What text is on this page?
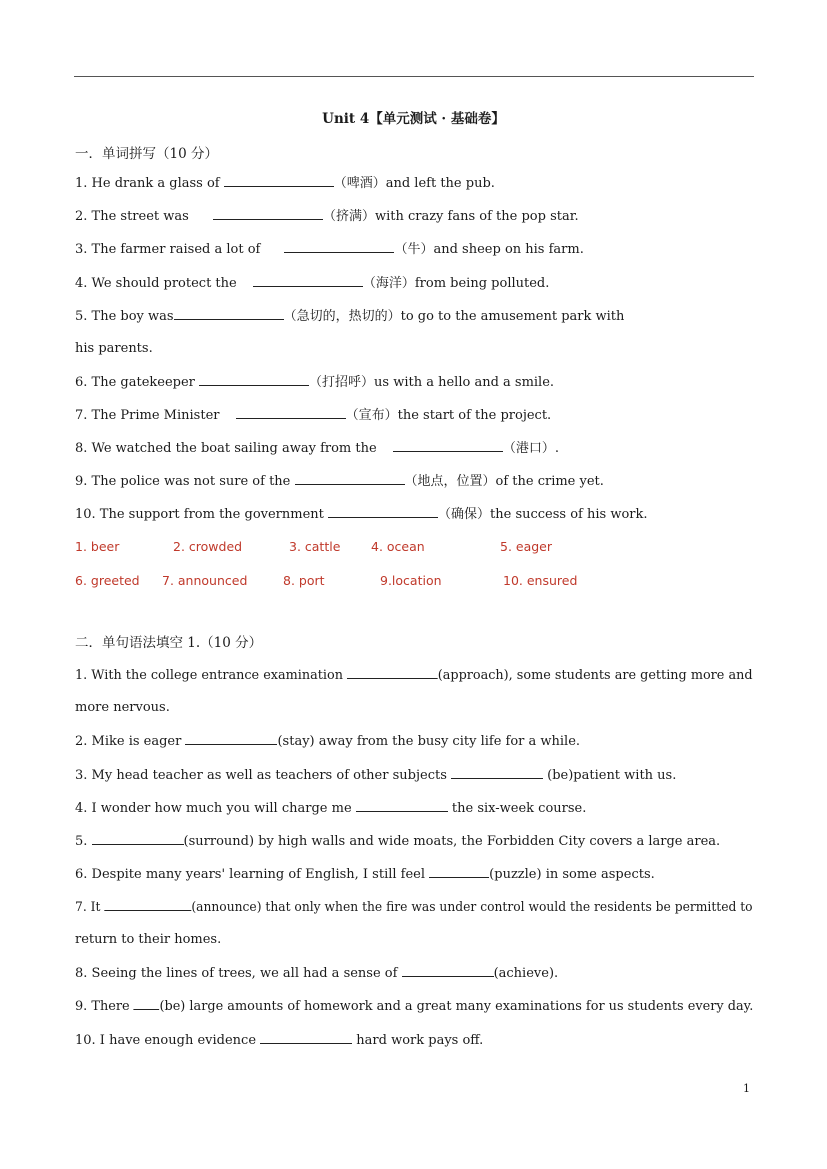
Unit 4【单元测试 · 基础卷】
一．单词拼写（10 分）
1. He drank a glass of	（啤酒）and left the pub.
2. The street was	（挤满）with crazy fans of the pop star.
3. The farmer raised a lot of	（牛）and sheep on his farm.
4. We should protect the	（海洋）from being polluted.
5. The boy was	（急切的，热切的）to go to the amusement park with
his parents.
6. The gatekeeper	（打招呼）us with a hello and a smile.
7. The Prime Minister	（宣布）the start of the project.
8. We watched the boat sailing away from the	（港口）.
9. The police was not sure of the	（地点，位置）of the crime yet.
10. The support from the government	（确保）the success of his work.
1. beer	2. crowded	3. cattle 4. ocean	5. eager
6. greeted 7. announced	8. port	9.location	10. ensured
二．单句语法填空 1.（10 分）
1. With the college entrance examination	(approach), some students are getting more and
more nervous.
2. Mike is eager	(stay) away from the busy city life for a while.
3. My head teacher as well as teachers of other subjects	(be)patient with us.
4. I wonder how much you will charge me	the six-week course.
5.	(surround) by high walls and wide moats, the Forbidden City covers a large area.
6. Despite many years' learning of English, I still feel	(puzzle) in some aspects.
7. It	(announce) that only when the fire was under control would the residents be permitted to
return to their homes.
8. Seeing the lines of trees, we all had a sense of	(achieve).
9. There (be) large amounts of homework and a great many examinations for us students every day.
10. I have enough evidence	hard work pays off.
1
